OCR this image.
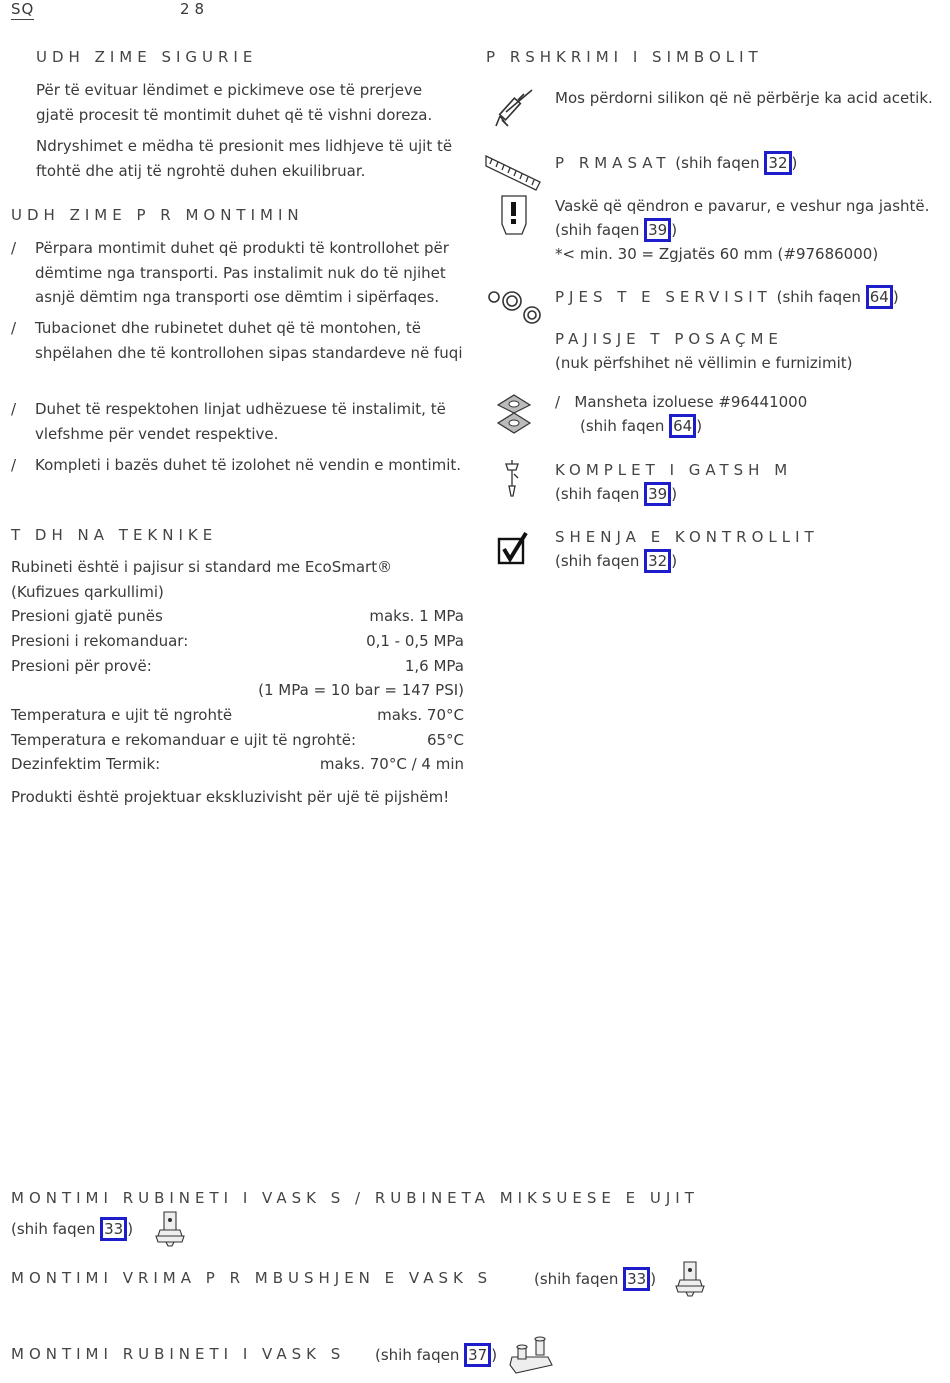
SQ	28
UDH ZIME SIGURIE
Për të evituar lëndimet e pickimeve ose të prerjeve gjatë procesit të montimit duhet që të vishni doreza.
Ndryshimet e mëdha të presionit mes lidhjeve të ujit të ftohtë dhe atij të ngrohtë duhen ekuilibruar.
UDH ZIME P R MONTIMIN
/ Përpara montimit duhet që produkti të kontrollohet për dëmtime nga transporti. Pas instalimit nuk do të njihet asnjë dëmtim nga transporti ose dëmtim i sipërfaqes.
/ Tubacionet dhe rubinetet duhet që të montohen, të shpëlahen dhe të kontrollohen sipas standardeve në fuqi
/ Duhet të respektohen linjat udhëzuese të instalimit, të vlefshme për vendet respektive.
/ Kompleti i bazës duhet të izolohet në vendin e montimit.
T DH NA TEKNIKE
Rubineti është i pajisur si standard me EcoSmart® (Kufizues qarkullimi)
Presioni gjatë punës	maks. 1 MPa
Presioni i rekomanduar:	0,1 - 0,5 MPa
Presioni për provë:	1,6 MPa
(1 MPa = 10 bar = 147 PSI)
Temperatura e ujit të ngrohtë	maks. 70°C
Temperatura e rekomanduar e ujit të ngrohtë:	65°C
Dezinfektim Termik:	maks. 70°C / 4 min
Produkti është projektuar ekskluzivisht për ujë të pijshëm!
P RSHKRIMI I SIMBOLIT
Mos përdorni silikon që në përbërje ka acid acetik.
P RMASAT (shih faqen 32 )
Vaskë që qëndron e pavarur, e veshur nga jashtë.
(shih faqen 39 )
*< min. 30 = Zgjatës 60 mm (#97686000)
PJES T E SERVISIT (shih faqen 64 )
PAJISJE T POSAÇME
(nuk përfshihet në vëllimin e furnizimit)
/ Mansheta izoluese #96441000
(shih faqen 64 )
KOMPLET I GATSH M
(shih faqen 39 )
SHENJA E KONTROLLIT
(shih faqen 32 )
MONTIMI RUBINETI I VASK S / RUBINETA MIKSUESE E UJIT
(shih faqen 33 )
MONTIMI VRIMA P R MBUSHJEN E VASK S	(shih faqen 33 )
MONTIMI RUBINETI I VASK S (shih faqen 37 )
